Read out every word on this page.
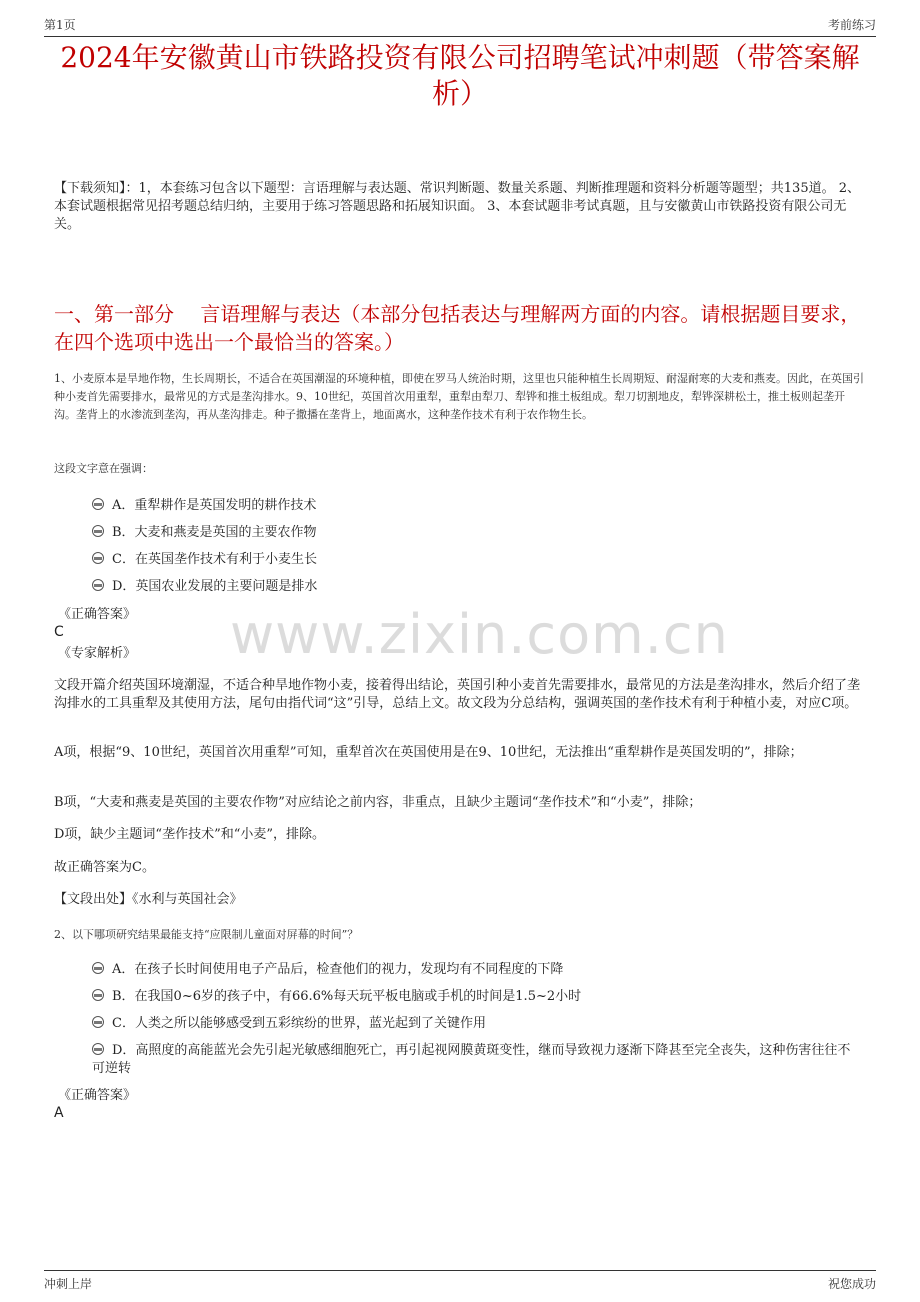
第1页	考前练习
2024年安徽黄山市铁路投资有限公司招聘笔试冲刺题（带答案解析）
【下载须知】：1，本套练习包含以下题型：言语理解与表达题、常识判断题、数量关系题、判断推理题和资料分析题等题型；共135道。 2、本套试题根据常见招考题总结归纳，主要用于练习答题思路和拓展知识面。 3、本套试题非考试真题，且与安徽黄山市铁路投资有限公司无关。
一、第一部分　 言语理解与表达（本部分包括表达与理解两方面的内容。请根据题目要求，在四个选项中选出一个最恰当的答案。）
1、小麦原本是旱地作物，生长周期长，不适合在英国潮湿的环境种植，即使在罗马人统治时期，这里也只能种植生长周期短、耐湿耐寒的大麦和燕麦。因此，在英国引种小麦首先需要排水，最常见的方式是垄沟排水。9、10世纪，英国首次用重犁，重犁由犁刀、犁铧和推土板组成。犁刀切割地皮，犁铧深耕松土，推土板则起垄开沟。垄背上的水渗流到垄沟，再从垄沟排走。种子撒播在垄背上，地面离水，这种垄作技术有利于农作物生长。
这段文字意在强调：
A．重犁耕作是英国发明的耕作技术
B．大麦和燕麦是英国的主要农作物
C．在英国垄作技术有利于小麦生长
D．英国农业发展的主要问题是排水
《正确答案》
C
《专家解析》 www.zixin.com.cn
文段开篇介绍英国环境潮湿，不适合种旱地作物小麦，接着得出结论，英国引种小麦首先需要排水，最常见的方法是垄沟排水，然后介绍了垄沟排水的工具重犁及其使用方法，尾句由指代词“这”引导，总结上文。故文段为分总结构，强调英国的垄作技术有利于种植小麦，对应C项。
A项，根据“9、10世纪，英国首次用重犁”可知，重犁首次在英国使用是在9、10世纪，无法推出“重犁耕作是英国发明的”，排除；
B项，“大麦和燕麦是英国的主要农作物”对应结论之前内容，非重点，且缺少主题词“垄作技术”和“小麦”，排除；
D项，缺少主题词“垄作技术”和“小麦”，排除。
故正确答案为C。
【文段出处】《水利与英国社会》
2、以下哪项研究结果最能支持“应限制儿童面对屏幕的时间”？
A．在孩子长时间使用电子产品后，检查他们的视力，发现均有不同程度的下降
B．在我国0~6岁的孩子中，有66.6%每天玩平板电脑或手机的时间是1.5~2小时
C．人类之所以能够感受到五彩缤纷的世界，蓝光起到了关键作用
D．高照度的高能蓝光会先引起光敏感细胞死亡，再引起视网膜黄斑变性，继而导致视力逐渐下降甚至完全丧失，这种伤害往往不可逆转
《正确答案》
A
冲刺上岸	祝您成功
